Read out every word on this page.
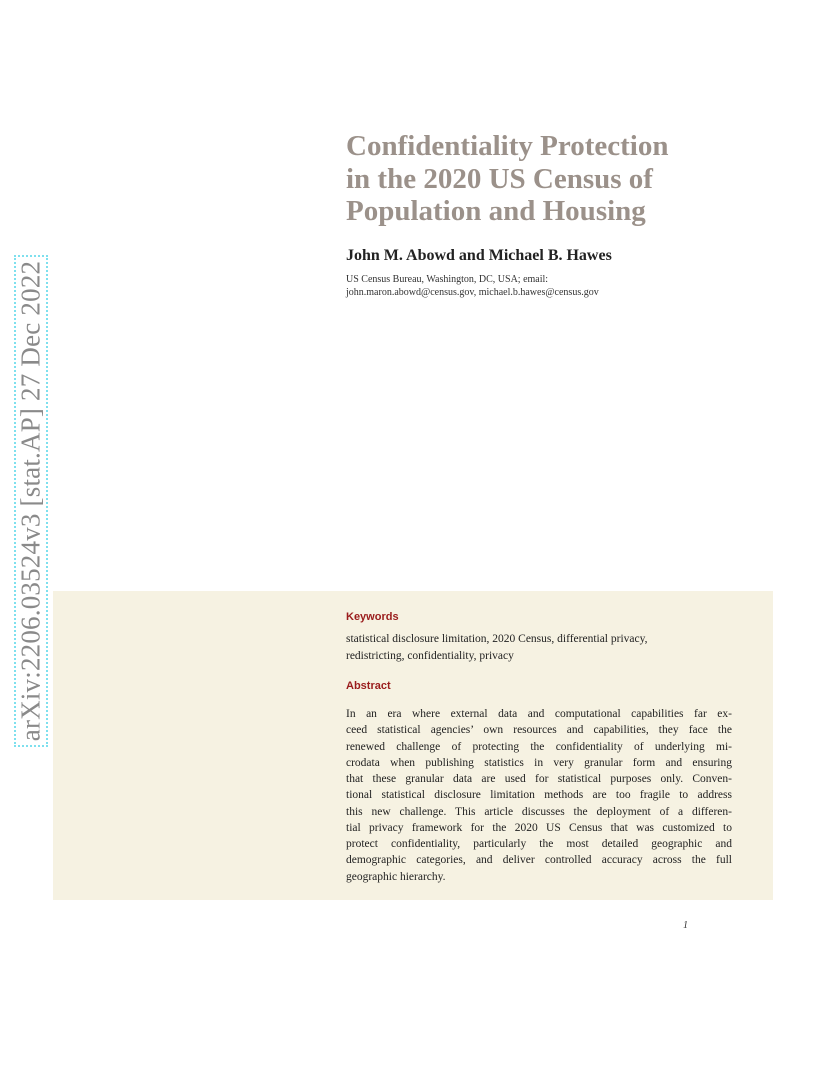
arXiv:2206.03524v3 [stat.AP] 27 Dec 2022
Confidentiality Protection
in the 2020 US Census of
Population and Housing
John M. Abowd and Michael B. Hawes
US Census Bureau, Washington, DC, USA; email:
john.maron.abowd@census.gov, michael.b.hawes@census.gov
Keywords
statistical disclosure limitation, 2020 Census, differential privacy,
redistricting, confidentiality, privacy
Abstract
In an era where external data and computational capabilities far ex-
ceed statistical agencies’ own resources and capabilities, they face the
renewed challenge of protecting the confidentiality of underlying mi-
crodata when publishing statistics in very granular form and ensuring
that these granular data are used for statistical purposes only. Conven-
tional statistical disclosure limitation methods are too fragile to address
this new challenge. This article discusses the deployment of a differen-
tial privacy framework for the 2020 US Census that was customized to
protect confidentiality, particularly the most detailed geographic and
demographic categories, and deliver controlled accuracy across the full
geographic hierarchy.
1
